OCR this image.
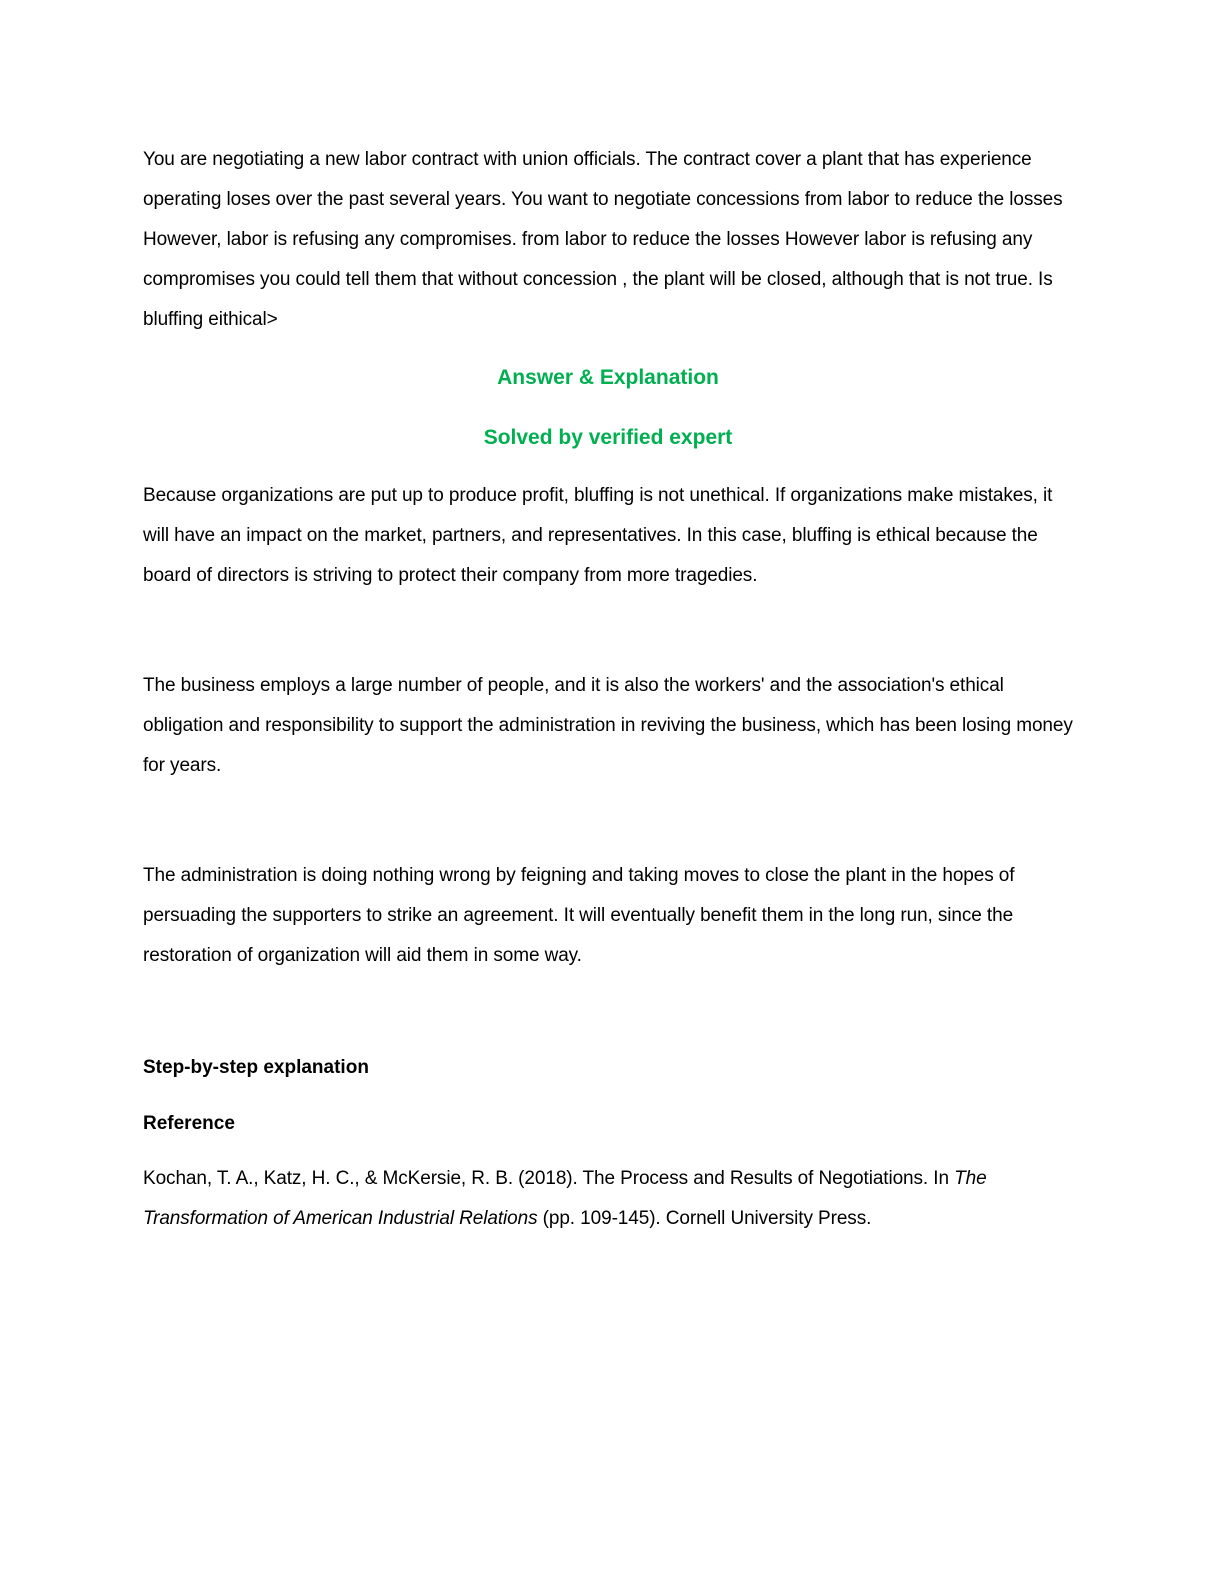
You are negotiating a new labor contract with union officials. The contract cover a plant that has experience operating loses over the past several years. You want to negotiate concessions from labor to reduce the losses However, labor is refusing any compromises. from labor to reduce the losses However labor is refusing any compromises you could tell them that without concession , the plant will be closed, although that is not true. Is bluffing eithical>

Answer & Explanation
Solved by verified expert

Because organizations are put up to produce profit, bluffing is not unethical. If organizations make mistakes, it will have an impact on the market, partners, and representatives. In this case, bluffing is ethical because the board of directors is striving to protect their company from more tragedies.

The business employs a large number of people, and it is also the workers' and the association's ethical obligation and responsibility to support the administration in reviving the business, which has been losing money for years.

The administration is doing nothing wrong by feigning and taking moves to close the plant in the hopes of persuading the supporters to strike an agreement. It will eventually benefit them in the long run, since the restoration of organization will aid them in some way.

Step-by-step explanation
Reference

Kochan, T. A., Katz, H. C., & McKersie, R. B. (2018). The Process and Results of Negotiations. In The Transformation of American Industrial Relations (pp. 109-145). Cornell University Press.
